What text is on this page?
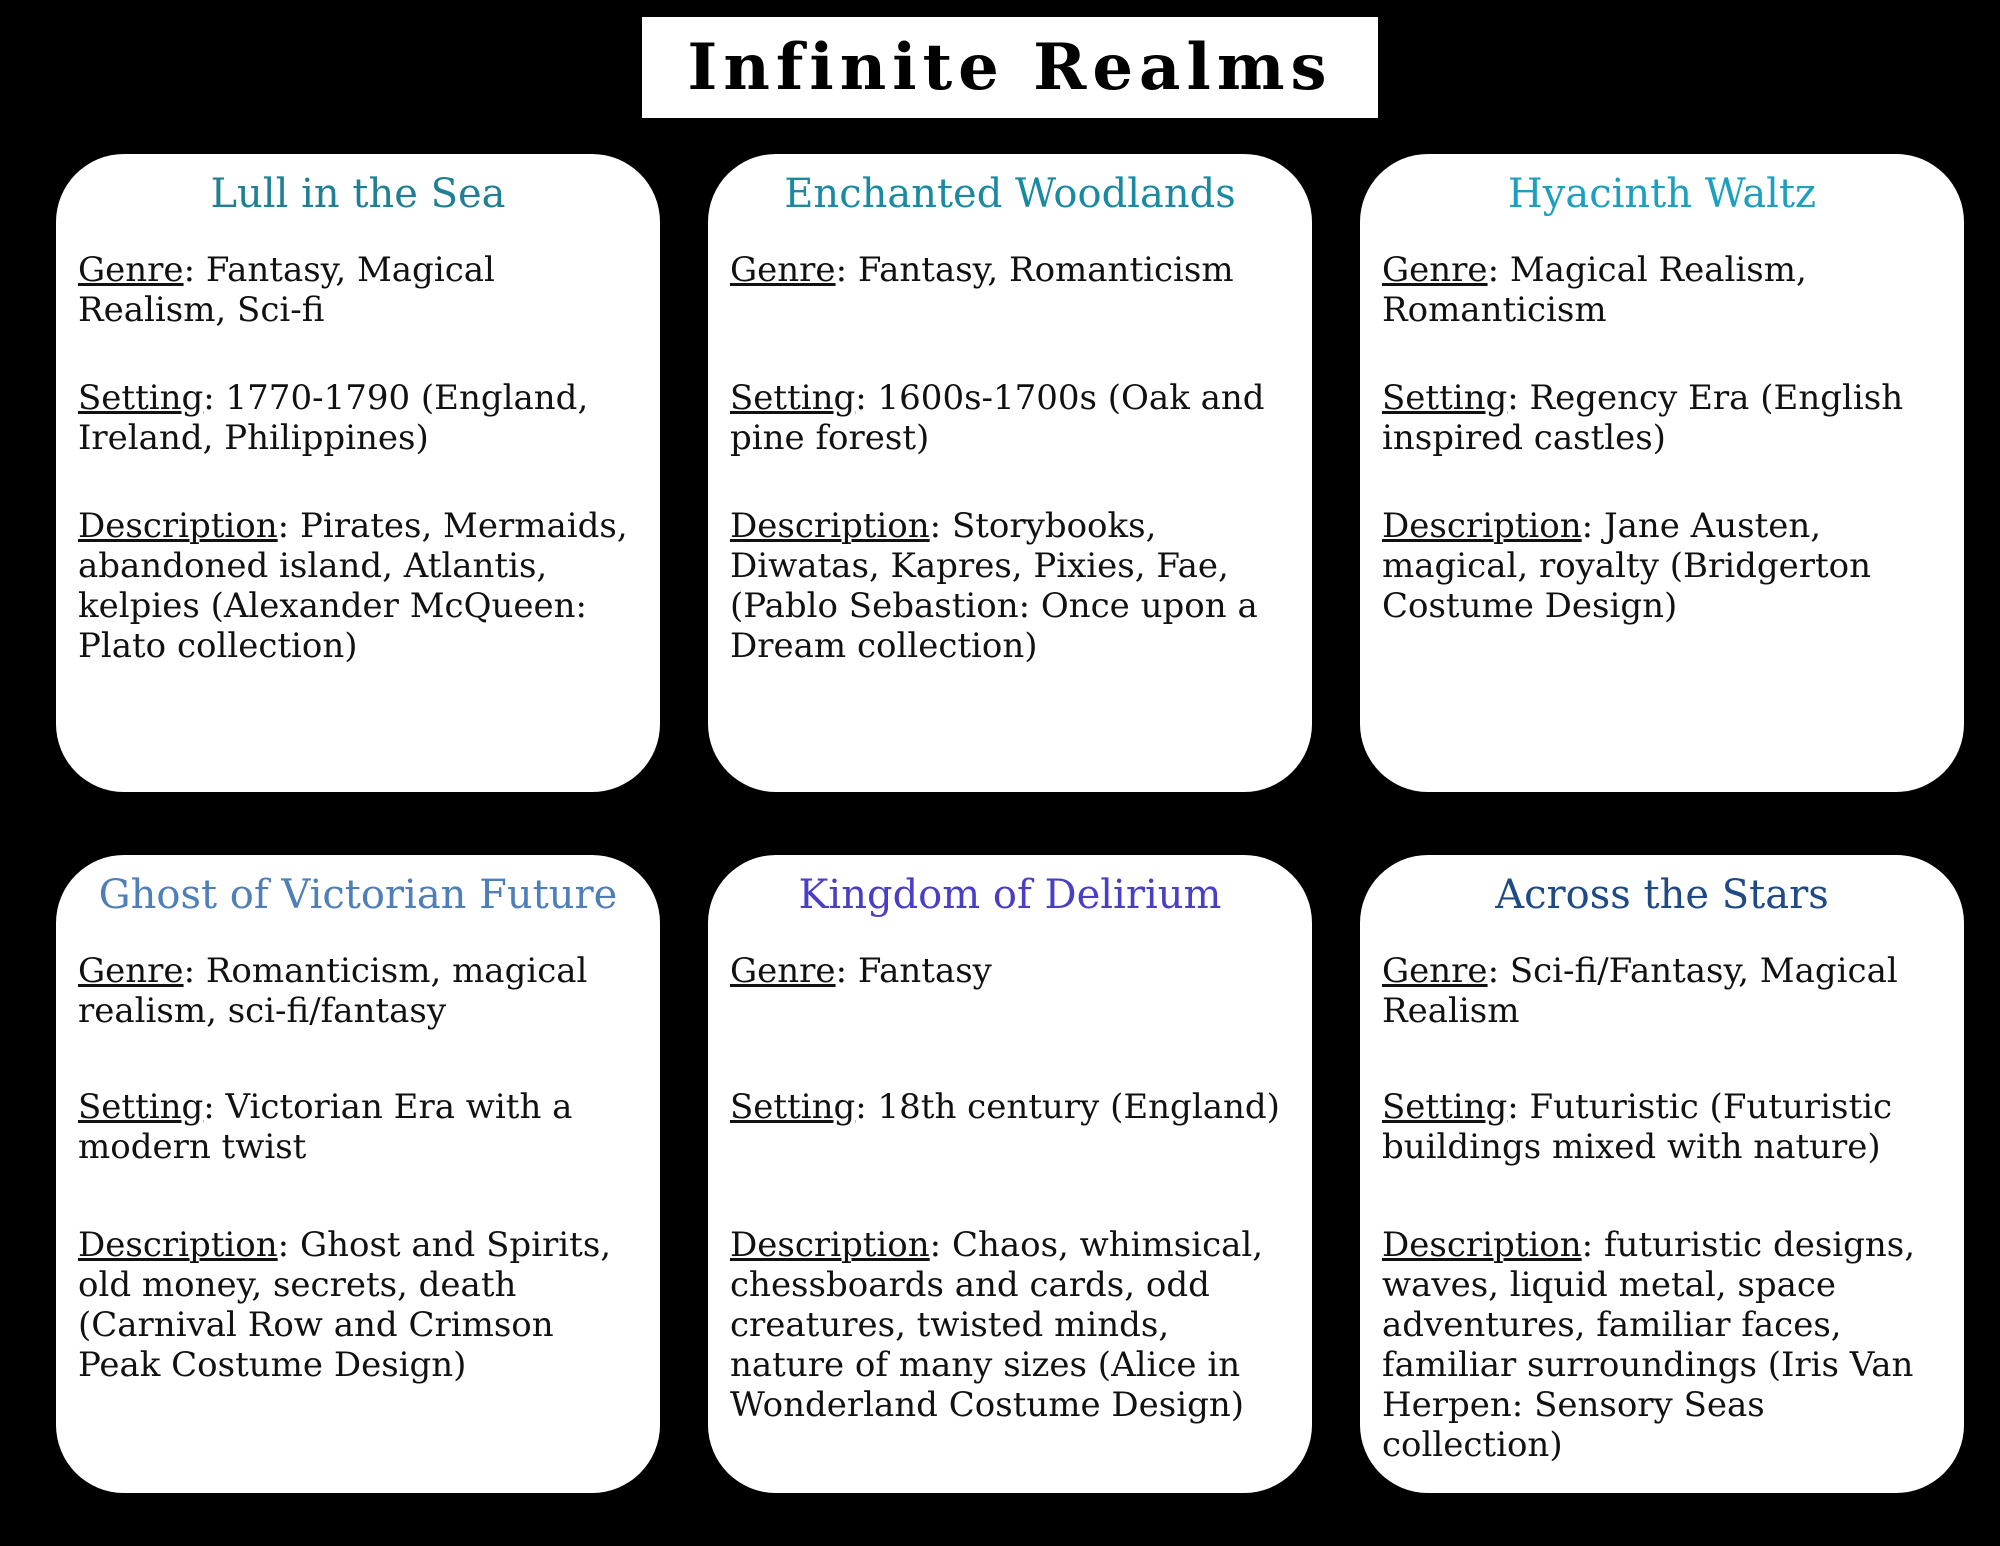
Infinite Realms
Lull in the Sea

Genre: Fantasy, Magical Realism, Sci-fi

Setting: 1770-1790 (England, Ireland, Philippines)

Description: Pirates, Mermaids, abandoned island, Atlantis, kelpies (Alexander McQueen: Plato collection)

Enchanted Woodlands

Genre: Fantasy, Romanticism

Setting: 1600s-1700s (Oak and pine forest)

Description: Storybooks, Diwatas, Kapres, Pixies, Fae, (Pablo Sebastion: Once upon a Dream collection)

Hyacinth Waltz

Genre: Magical Realism, Romanticism

Setting: Regency Era (English inspired castles)

Description: Jane Austen, magical, royalty (Bridgerton Costume Design)

Ghost of Victorian Future

Genre: Romanticism, magical realism, sci-fi/fantasy

Setting: Victorian Era with a modern twist

Description: Ghost and Spirits, old money, secrets, death (Carnival Row and Crimson Peak Costume Design)

Kingdom of Delirium

Genre: Fantasy

Setting: 18th century (England)

Description: Chaos, whimsical, chessboards and cards, odd creatures, twisted minds, nature of many sizes (Alice in Wonderland Costume Design)

Across the Stars

Genre: Sci-fi/Fantasy, Magical Realism

Setting: Futuristic (Futuristic buildings mixed with nature)

Description: futuristic designs, waves, liquid metal, space adventures, familiar faces, familiar surroundings (Iris Van Herpen: Sensory Seas collection)
